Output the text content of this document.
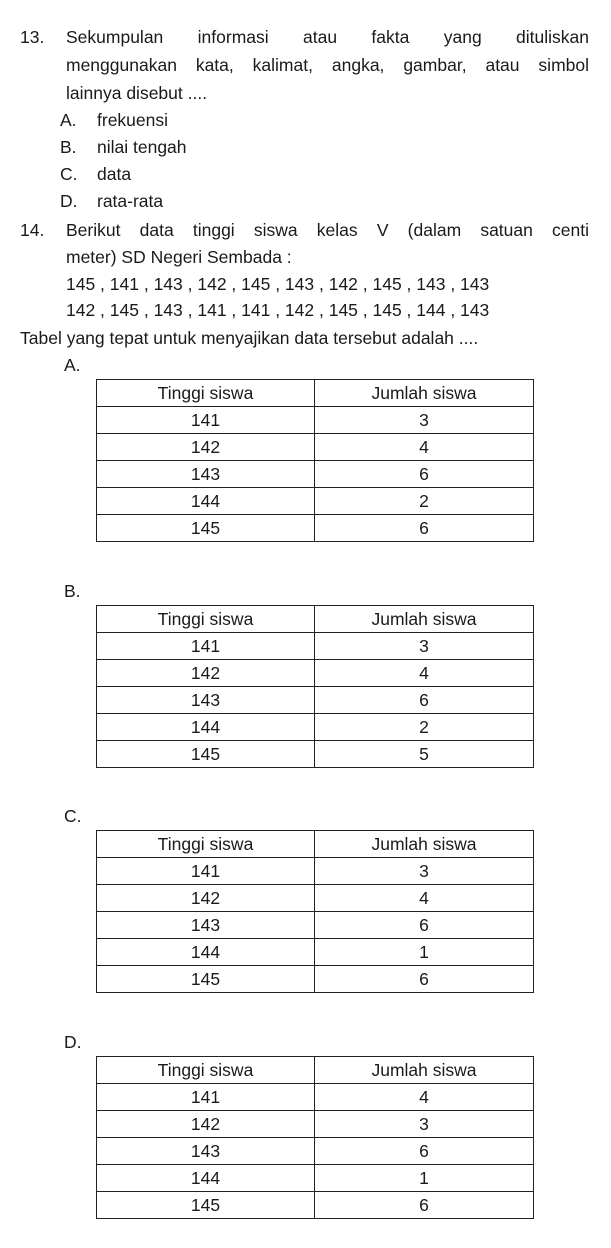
13. Sekumpulan informasi atau fakta yang dituliskan
menggunakan kata, kalimat, angka, gambar, atau simbol
lainnya disebut ....
A. frekuensi
B. nilai tengah
C. data
D. rata-rata
14. Berikut data tinggi siswa kelas V (dalam satuan centi
meter) SD Negeri Sembada :
145 , 141 , 143 , 142 , 145 , 143 , 142 , 145 , 143 , 143
142 , 145 , 143 , 141 , 141 , 142 , 145 , 145 , 144 , 143
Tabel yang tepat untuk menyajikan data tersebut adalah ....
A.
Tinggi siswa	Jumlah siswa
141	3
142	4
143	6
144	2
145	6
B.
Tinggi siswa	Jumlah siswa
141	3
142	4
143	6
144	2
145	5
C.
Tinggi siswa	Jumlah siswa
141	3
142	4
143	6
144	1
145	6
D.
Tinggi siswa	Jumlah siswa
141	4
142	3
143	6
144	1
145	6
